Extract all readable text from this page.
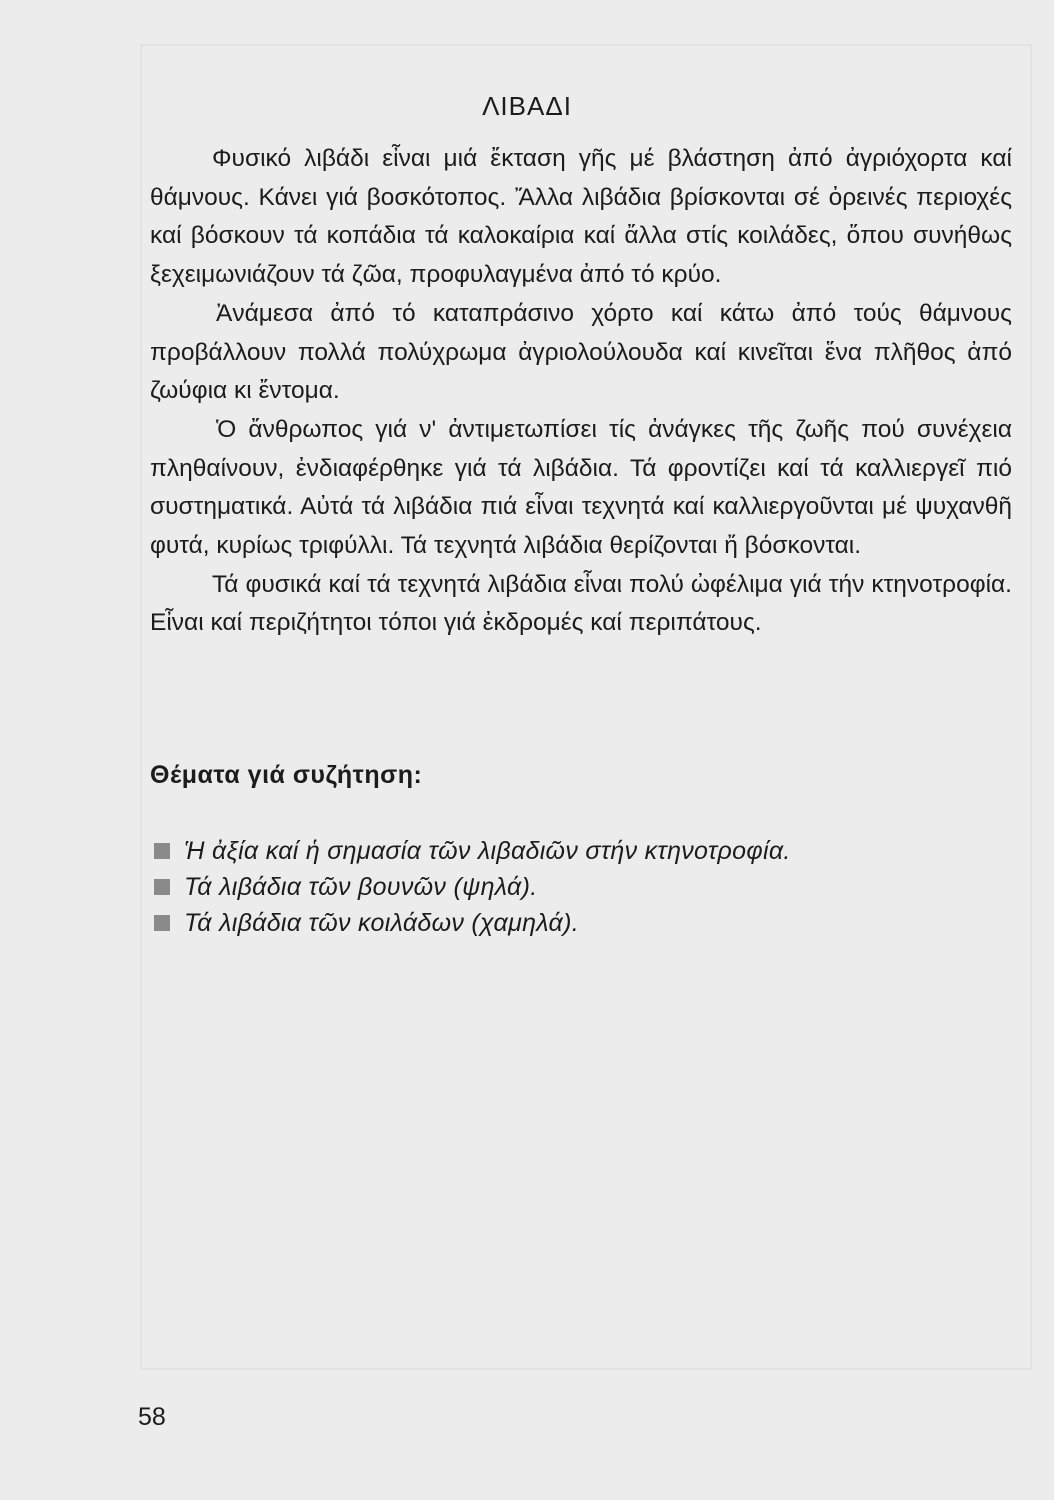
ΛΙΒΑΔΙ

Φυσικό λιβάδι εἶναι μιά ἔκταση γῆς μέ βλάστηση ἀπό ἀγριόχορτα καί θάμνους. Κάνει γιά βοσκότοπος. Ἄλλα λιβάδια βρίσκονται σέ ὀρεινές περιοχές καί βόσκουν τά κοπάδια τά καλοκαίρια καί ἄλλα στίς κοιλάδες, ὅπου συνήθως ξεχειμωνιάζουν τά ζῶα, προφυλαγμένα ἀπό τό κρύο.

Ἀνάμεσα ἀπό τό καταπράσινο χόρτο καί κάτω ἀπό τούς θάμνους προβάλλουν πολλά πολύχρωμα ἀγριολούλουδα καί κινεῖται ἕνα πλῆθος ἀπό ζωύφια κι ἔντομα.

Ὁ ἄνθρωπος γιά ν' ἀντιμετωπίσει τίς ἀνάγκες τῆς ζωῆς πού συνέχεια πληθαίνουν, ἐνδιαφέρθηκε γιά τά λιβάδια. Τά φροντίζει καί τά καλλιεργεῖ πιό συστηματικά. Αὐτά τά λιβάδια πιά εἶναι τεχνητά καί καλλιεργοῦνται μέ ψυχανθῆ φυτά, κυρίως τριφύλλι. Τά τεχνητά λιβάδια θερίζονται ἤ βόσκονται.

Τά φυσικά καί τά τεχνητά λιβάδια εἶναι πολύ ὠφέλιμα γιά τήν κτηνοτροφία. Εἶναι καί περιζήτητοι τόποι γιά ἐκδρομές καί περιπάτους.

Θέματα γιά συζήτηση:
Ἡ ἀξία καί ἡ σημασία τῶν λιβαδιῶν στήν κτηνοτροφία.
Τά λιβάδια τῶν βουνῶν (ψηλά).
Τά λιβάδια τῶν κοιλάδων (χαμηλά).
58
